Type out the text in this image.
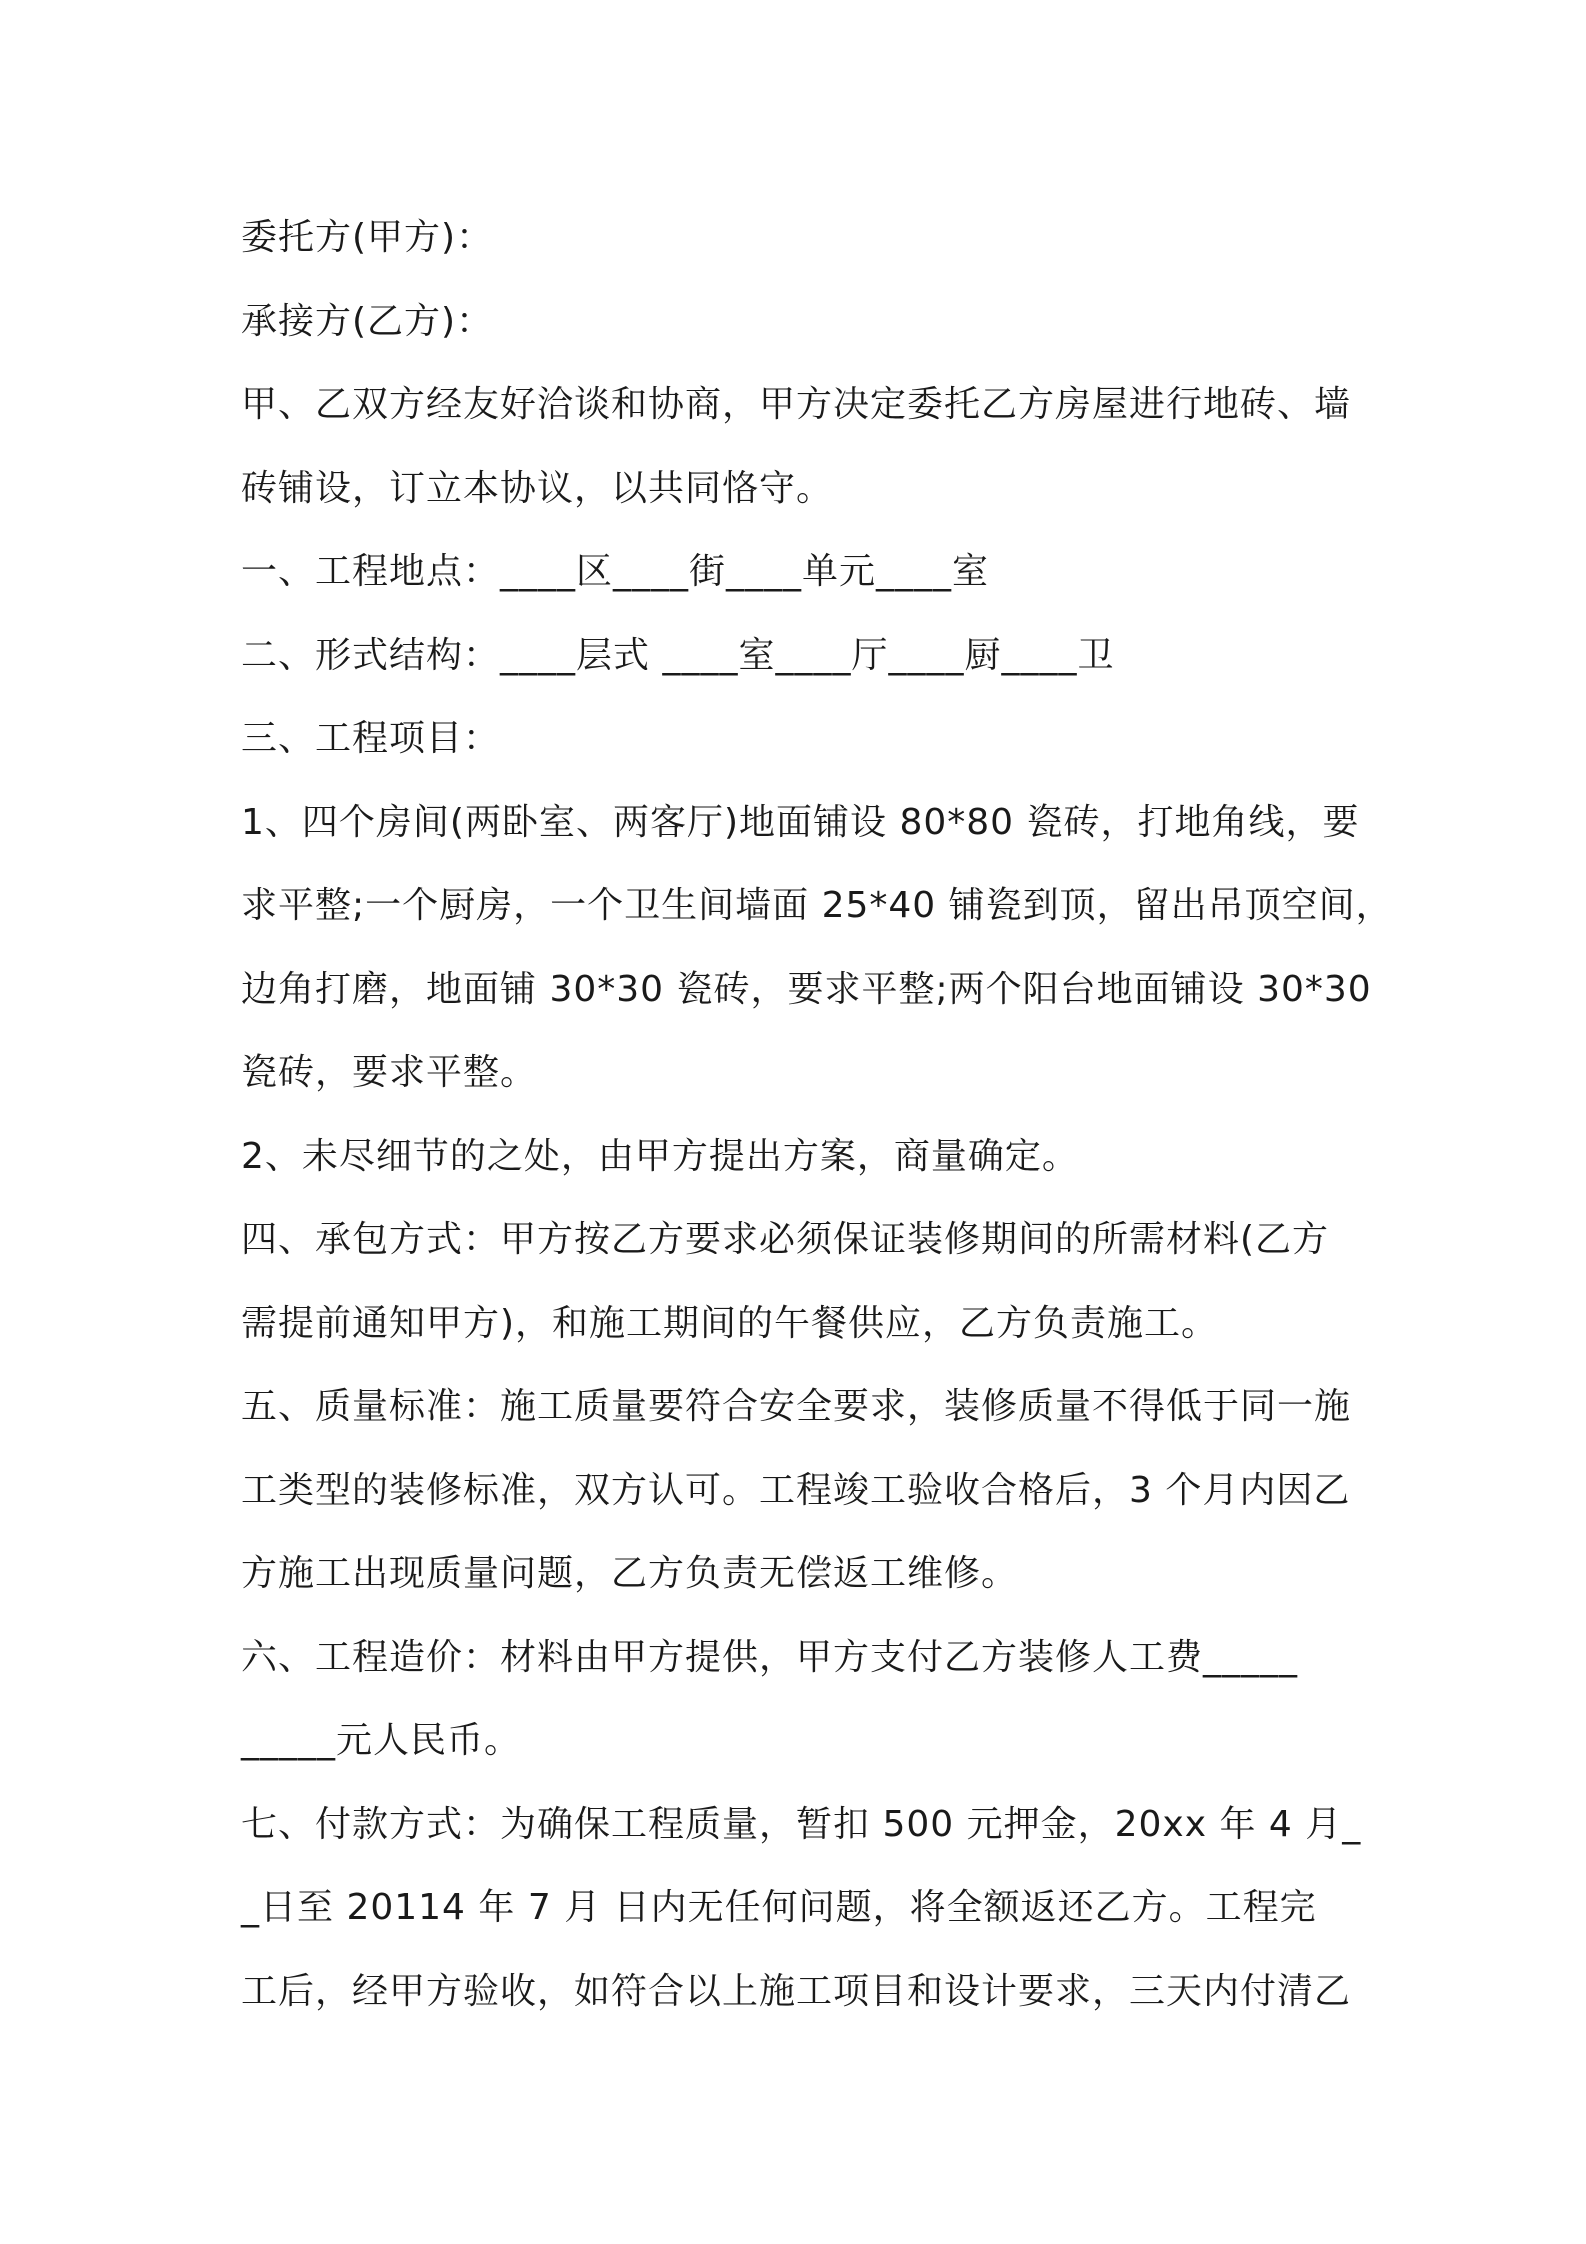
委托方(甲方)：
承接方(乙方)：
甲、乙双方经友好洽谈和协商，甲方决定委托乙方房屋进行地砖、墙
砖铺设，订立本协议，以共同恪守。
一、工程地点：____区____街____单元____室
二、形式结构：____层式 ____室____厅____厨____卫
三、工程项目：
1、四个房间(两卧室、两客厅)地面铺设 80*80 瓷砖，打地角线，要
求平整;一个厨房，一个卫生间墙面 25*40 铺瓷到顶，留出吊顶空间，
边角打磨，地面铺 30*30 瓷砖，要求平整;两个阳台地面铺设 30*30
瓷砖，要求平整。
2、未尽细节的之处，由甲方提出方案，商量确定。
四、承包方式：甲方按乙方要求必须保证装修期间的所需材料(乙方
需提前通知甲方)，和施工期间的午餐供应，乙方负责施工。
五、质量标准：施工质量要符合安全要求，装修质量不得低于同一施
工类型的装修标准，双方认可。工程竣工验收合格后，3 个月内因乙
方施工出现质量问题，乙方负责无偿返工维修。
六、工程造价：材料由甲方提供，甲方支付乙方装修人工费_____
_____元人民币。
七、付款方式：为确保工程质量，暂扣 500 元押金，20xx 年 4 月_
_日至 20114 年 7 月 日内无任何问题，将全额返还乙方。工程完
工后，经甲方验收，如符合以上施工项目和设计要求，三天内付清乙
